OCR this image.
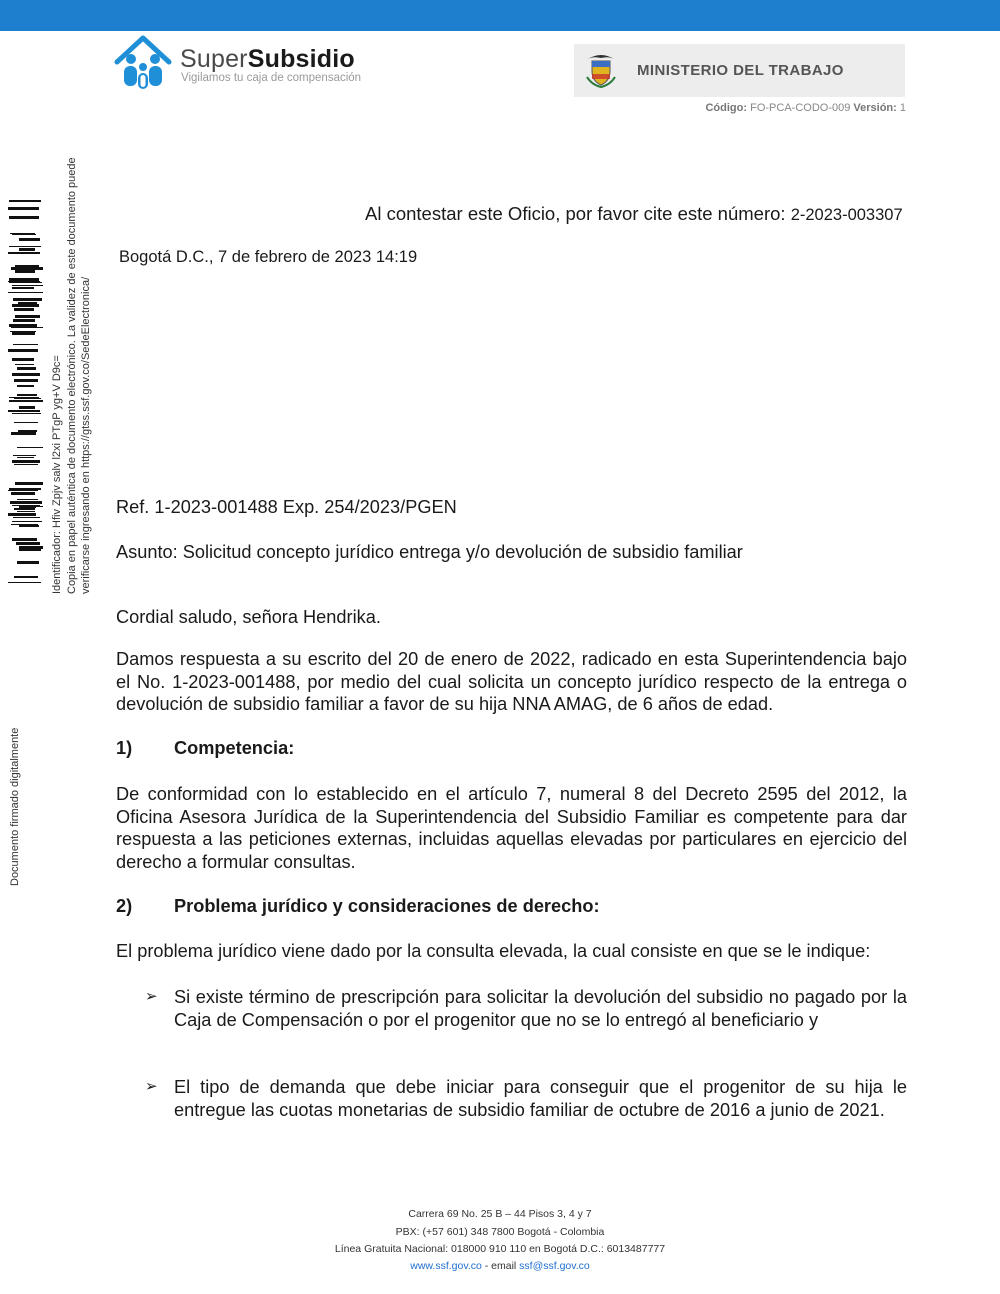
SuperSubsidio
Vigilamos tu caja de compensación	MINISTERIO DEL TRABAJO
Código: FO-PCA-CODO-009 Versión: 1
Identificador: Hfiv Zpjv salv l2xi PTgP yg+V D9c= Copia en papel auténtica de documento electrónico. La validez de este documento puede verificarse ingresando en https://gtss.ssf.gov.co/SedeElectronica/
Documento firmado digitalmente
Al contestar este Oficio, por favor cite este número: 2-2023-003307
Bogotá D.C., 7 de febrero de 2023 14:19
Ref. 1-2023-001488 Exp. 254/2023/PGEN
Asunto: Solicitud concepto jurídico entrega y/o devolución de subsidio familiar
Cordial saludo, señora Hendrika.
Damos respuesta a su escrito del 20 de enero de 2022, radicado en esta Superintendencia bajo el No. 1-2023-001488, por medio del cual solicita un concepto jurídico respecto de la entrega o devolución de subsidio familiar a favor de su hija NNA AMAG, de 6 años de edad.
1) Competencia:
De conformidad con lo establecido en el artículo 7, numeral 8 del Decreto 2595 del 2012, la Oficina Asesora Jurídica de la Superintendencia del Subsidio Familiar es competente para dar respuesta a las peticiones externas, incluidas aquellas elevadas por particulares en ejercicio del derecho a formular consultas.
2) Problema jurídico y consideraciones de derecho:
El problema jurídico viene dado por la consulta elevada, la cual consiste en que se le indique:
➢ Si existe término de prescripción para solicitar la devolución del subsidio no pagado por la Caja de Compensación o por el progenitor que no se lo entregó al beneficiario y
➢ El tipo de demanda que debe iniciar para conseguir que el progenitor de su hija le entregue las cuotas monetarias de subsidio familiar de octubre de 2016 a junio de 2021.
Carrera 69 No. 25 B – 44 Pisos 3, 4 y 7
PBX: (+57 601) 348 7800 Bogotá - Colombia
Línea Gratuita Nacional: 018000 910 110 en Bogotá D.C.: 6013487777
www.ssf.gov.co - email ssf@ssf.gov.co
